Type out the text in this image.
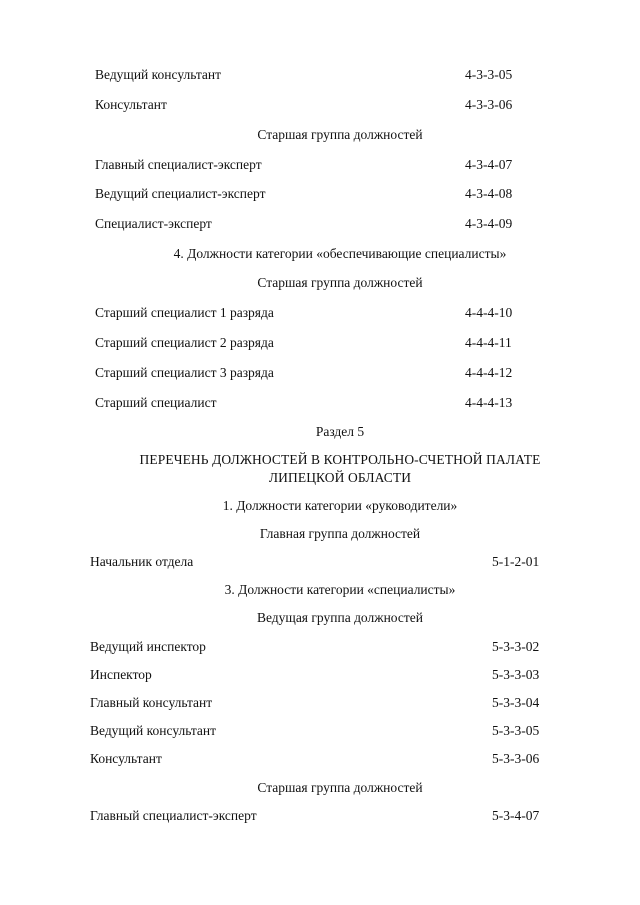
Ведущий консультант	4-3-3-05
Консультант	4-3-3-06
Старшая группа должностей
Главный специалист-эксперт	4-3-4-07
Ведущий специалист-эксперт	4-3-4-08
Специалист-эксперт	4-3-4-09
4. Должности категории «обеспечивающие специалисты»
Старшая группа должностей
Старший специалист 1 разряда	4-4-4-10
Старший специалист 2 разряда	4-4-4-11
Старший специалист 3 разряда	4-4-4-12
Старший специалист	4-4-4-13
Раздел 5
ПЕРЕЧЕНЬ ДОЛЖНОСТЕЙ В КОНТРОЛЬНО-СЧЕТНОЙ ПАЛАТЕ
ЛИПЕЦКОЙ ОБЛАСТИ
1. Должности категории «руководители»
Главная группа должностей
Начальник отдела	5-1-2-01
3. Должности категории «специалисты»
Ведущая группа должностей
Ведущий инспектор	5-3-3-02
Инспектор	5-3-3-03
Главный консультант	5-3-3-04
Ведущий консультант	5-3-3-05
Консультант	5-3-3-06
Старшая группа должностей
Главный специалист-эксперт	5-3-4-07
